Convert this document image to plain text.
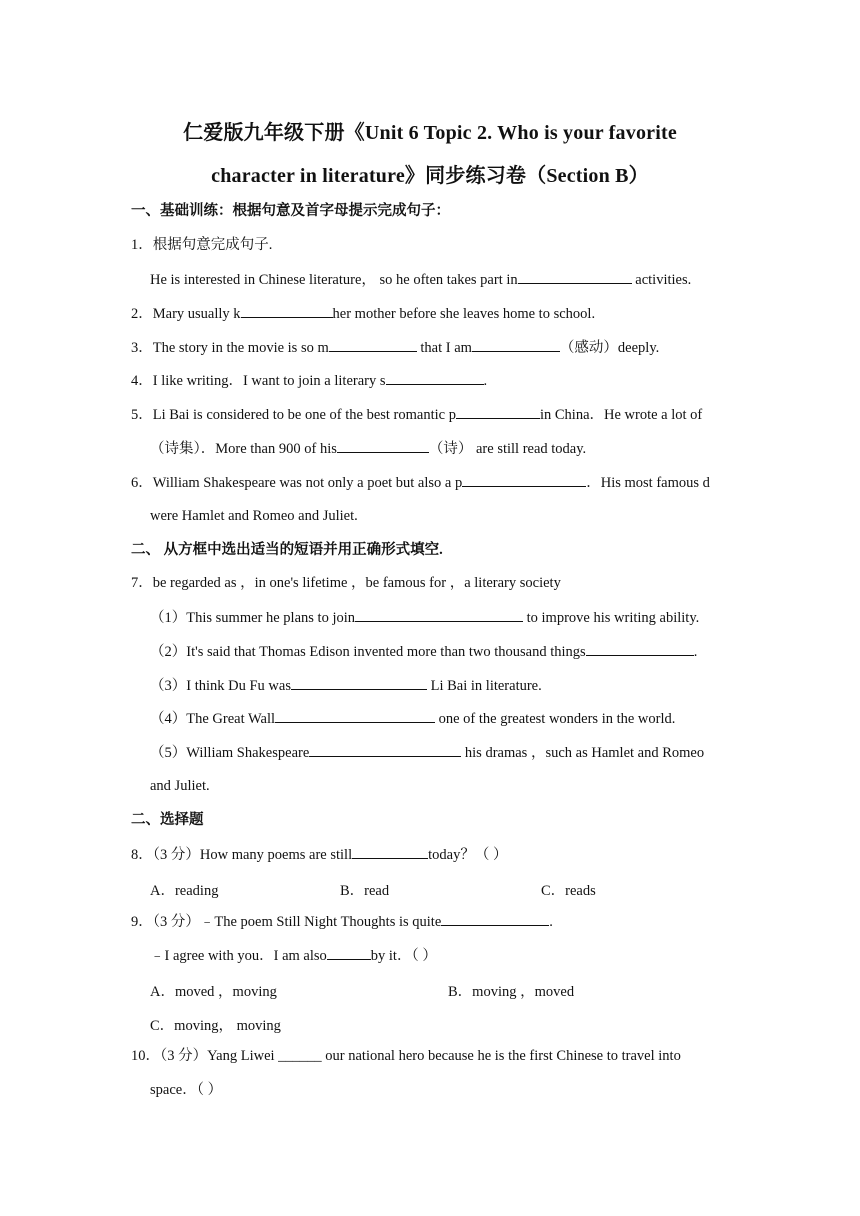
仁爱版九年级下册《Unit 6 Topic 2. Who is your favorite
character in literature》同步练习卷（Section B）
一、基础训练：根据句意及首字母提示完成句子：
1．根据句意完成句子.
He is interested in Chinese literature， so he often takes part in	activities.
2．Mary usually k	her mother before she leaves home to school.
3．The story in the movie is so m	that I am	（感动）deeply.
4．I like writing．I want to join a literary s	.
5．Li Bai is considered to be one of the best romantic p	in China．He wrote a lot of
（诗集）．More than 900 of his	（诗） are still read today.
6．William Shakespeare was not only a poet but also a p	．His most famous d
were Hamlet and Romeo and Juliet.
二、 从方框中选出适当的短语并用正确形式填空.
7．be regarded as ，in one's lifetime ，be famous for ，a literary society
（1）This summer he plans to join	to improve his writing ability.
（2）It's said that Thomas Edison invented more than two thousand things	.
（3）I think Du Fu was	Li Bai in literature.
（4）The Great Wall	one of the greatest wonders in the world.
（5）William Shakespeare	his dramas ，such as Hamlet and Romeo
and Juliet.
二、选择题
8．（3 分）How many poems are still	today？（ ）
A．reading	B．read	C．reads
9．（3 分）﹣The poem Still Night Thoughts is quite	.
﹣I agree with you．I am also	by it．（ ）
A．moved ，moving	B．moving ，moved
C．moving， moving
10．（3 分）Yang Liwei ______ our national hero because he is the first Chinese to travel into
space．（ ）
